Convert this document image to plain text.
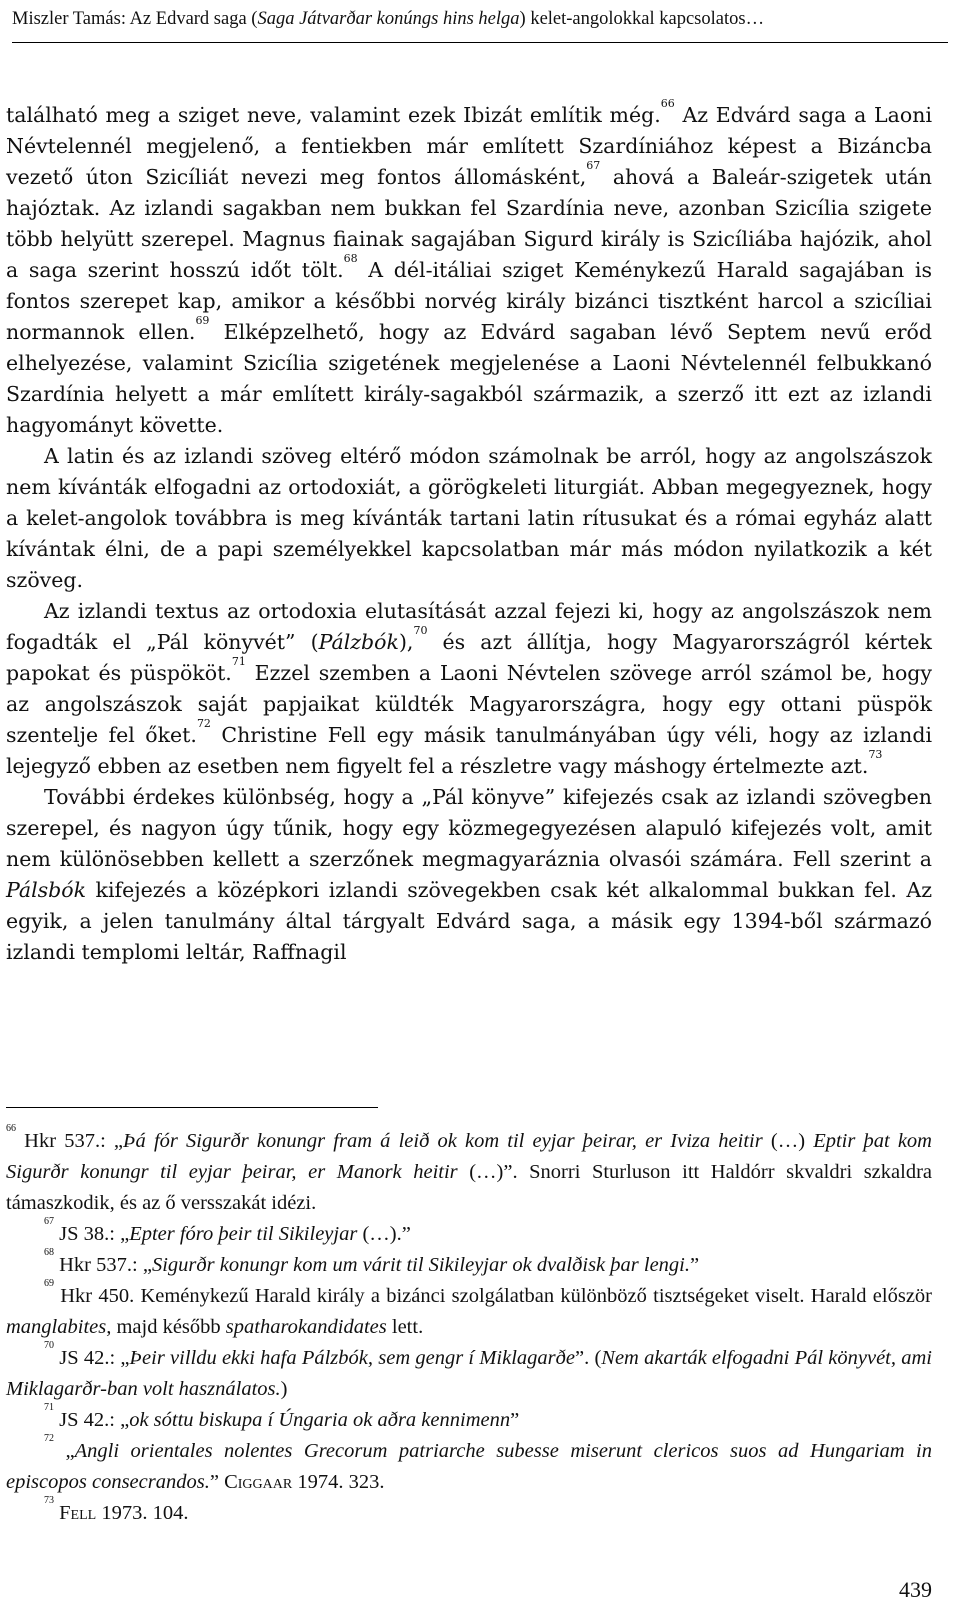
Miszler Tamás: Az Edvard saga (Saga Játvarðar konúngs hins helga) kelet-angolokkal kapcsolatos…

található meg a sziget neve, valamint ezek Ibizát említik még.$^{66}$ Az Edvárd saga a Laoni Névtelennél megjelenő, a fentiekben már említett Szardíniához képest a Bizáncba vezető úton Szicíliát nevezi meg fontos állomásként,$^{67}$ ahová a Baleár-szigetek után hajóztak. Az izlandi sagakban nem bukkan fel Szardínia neve, azonban Szicília szigete több helyütt szerepel. Magnus fiainak sagajában Sigurd király is Szicíliába hajózik, ahol a saga szerint hosszú időt tölt.$^{68}$ A dél-itáliai sziget Keménykezű Harald sagajában is fontos szerepet kap, amikor a későbbi norvég király bizánci tisztként harcol a szicíliai normannok ellen.$^{69}$ Elképzelhető, hogy az Edvárd sagaban lévő Septem nevű erőd elhelyezése, valamint Szicília szigetének megjelenése a Laoni Névtelennél felbukkanó Szardínia helyett a már említett király-sagakból származik, a szerző itt ezt az izlandi hagyományt követte.

A latin és az izlandi szöveg eltérő módon számolnak be arról, hogy az angolszászok nem kívánták elfogadni az ortodoxiát, a görögkeleti liturgiát. Abban megegyeznek, hogy a kelet-angolok továbbra is meg kívánták tartani latin rítusukat és a római egyház alatt kívántak élni, de a papi személyekkel kapcsolatban már más módon nyilatkozik a két szöveg.

Az izlandi textus az ortodoxia elutasítását azzal fejezi ki, hogy az angolszászok nem fogadták el „Pál könyvét” (Pálzbók),$^{70}$ és azt állítja, hogy Magyarországról kértek papokat és püspököt.$^{71}$ Ezzel szemben a Laoni Névtelen szövege arról számol be, hogy az angolszászok saját papjaikat küldték Magyarországra, hogy egy ottani püspök szentelje fel őket.$^{72}$ Christine Fell egy másik tanulmányában úgy véli, hogy az izlandi lejegyző ebben az esetben nem figyelt fel a részletre vagy máshogy értelmezte azt.$^{73}$

További érdekes különbség, hogy a „Pál könyve” kifejezés csak az izlandi szövegben szerepel, és nagyon úgy tűnik, hogy egy közmegegyezésen alapuló kifejezés volt, amit nem különösebben kellett a szerzőnek megmagyaráznia olvasói számára. Fell szerint a Pálsbók kifejezés a középkori izlandi szövegekben csak két alkalommal bukkan fel. Az egyik, a jelen tanulmány által tárgyalt Edvárd saga, a másik egy 1394-ből származó izlandi templomi leltár, Raffnagil

$^{66}$ Hkr 537.: „Þá fór Sigurðr konungr fram á leið ok kom til eyjar þeirar, er Iviza heitir (…) Eptir þat kom Sigurðr konungr til eyjar þeirar, er Manork heitir (…)”. Snorri Sturluson itt Haldórr skvaldri szkaldra támaszkodik, és az ő versszakát idézi.

$^{67}$ JS 38.: „Epter fóro þeir til Sikileyjar (…).”

$^{68}$ Hkr 537.: „Sigurðr konungr kom um várit til Sikileyjar ok dvalðisk þar lengi.”

$^{69}$ Hkr 450. Keménykezű Harald király a bizánci szolgálatban különböző tisztségeket viselt. Harald először manglabites, majd később spatharokandidates lett.

$^{70}$ JS 42.: „Þeir villdu ekki hafa Pálzbók, sem gengr í Miklagarðe”. (Nem akarták elfogadni Pál könyvét, ami Miklagarðr-ban volt használatos.)

$^{71}$ JS 42.: „ok sóttu biskupa í Úngaria ok aðra kennimenn”

$^{72}$ „Angli orientales nolentes Grecorum patriarche subesse miserunt clericos suos ad Hungariam in episcopos consecrandos.” Ciggaar 1974. 323.

$^{73}$ Fell 1973. 104.

439
